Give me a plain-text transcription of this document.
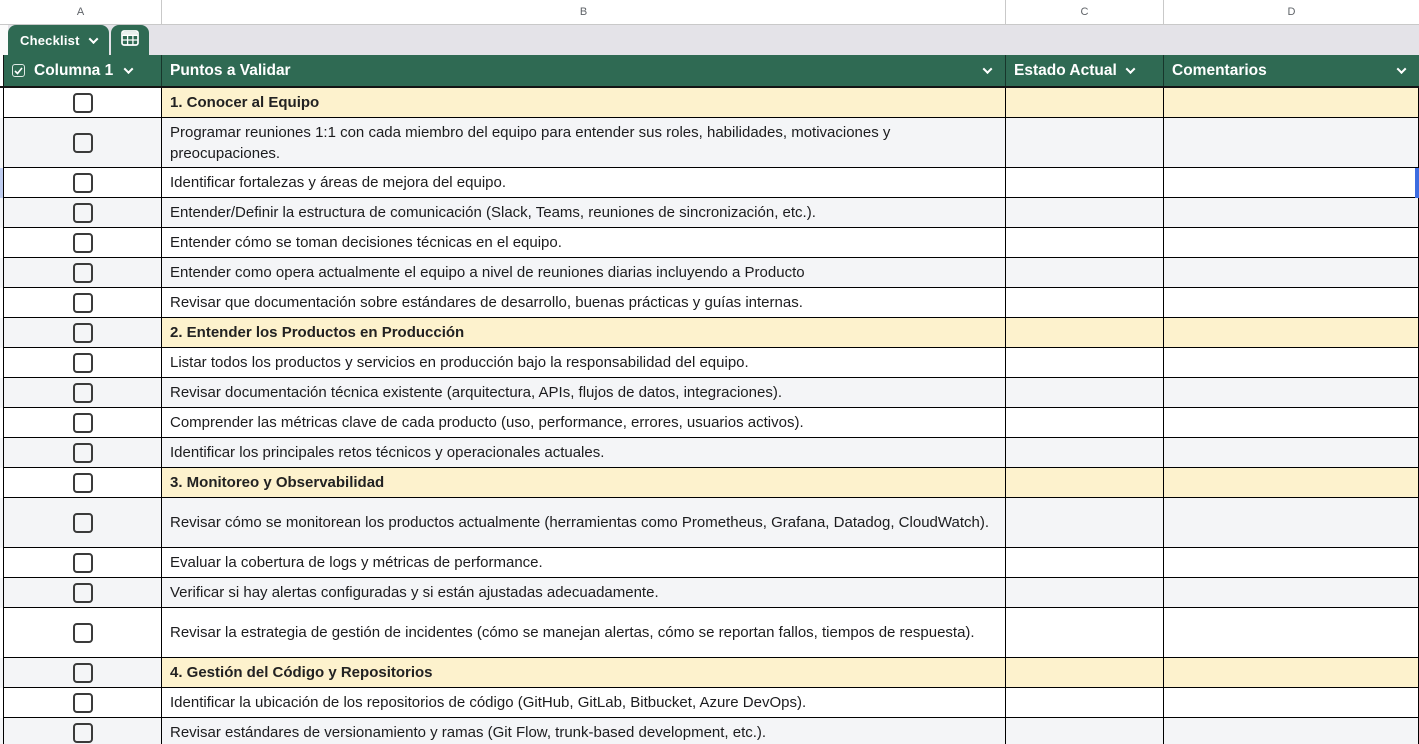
A	B	C	D
Checklist
Columna 1	Puntos a Validar	Estado Actual	Comentarios
1. Conocer al Equipo
Programar reuniones 1:1 con cada miembro del equipo para entender sus roles, habilidades, motivaciones y preocupaciones.
Identificar fortalezas y áreas de mejora del equipo.
Entender/Definir la estructura de comunicación (Slack, Teams, reuniones de sincronización, etc.).
Entender cómo se toman decisiones técnicas en el equipo.
Entender como opera actualmente el equipo a nivel de reuniones diarias incluyendo a Producto
Revisar que documentación sobre estándares de desarrollo, buenas prácticas y guías internas.
2. Entender los Productos en Producción
Listar todos los productos y servicios en producción bajo la responsabilidad del equipo.
Revisar documentación técnica existente (arquitectura, APIs, flujos de datos, integraciones).
Comprender las métricas clave de cada producto (uso, performance, errores, usuarios activos).
Identificar los principales retos técnicos y operacionales actuales.
3. Monitoreo y Observabilidad
Revisar cómo se monitorean los productos actualmente (herramientas como Prometheus, Grafana, Datadog, CloudWatch).
Evaluar la cobertura de logs y métricas de performance.
Verificar si hay alertas configuradas y si están ajustadas adecuadamente.
Revisar la estrategia de gestión de incidentes (cómo se manejan alertas, cómo se reportan fallos, tiempos de respuesta).
4. Gestión del Código y Repositorios
Identificar la ubicación de los repositorios de código (GitHub, GitLab, Bitbucket, Azure DevOps).
Revisar estándares de versionamiento y ramas (Git Flow, trunk-based development, etc.).
